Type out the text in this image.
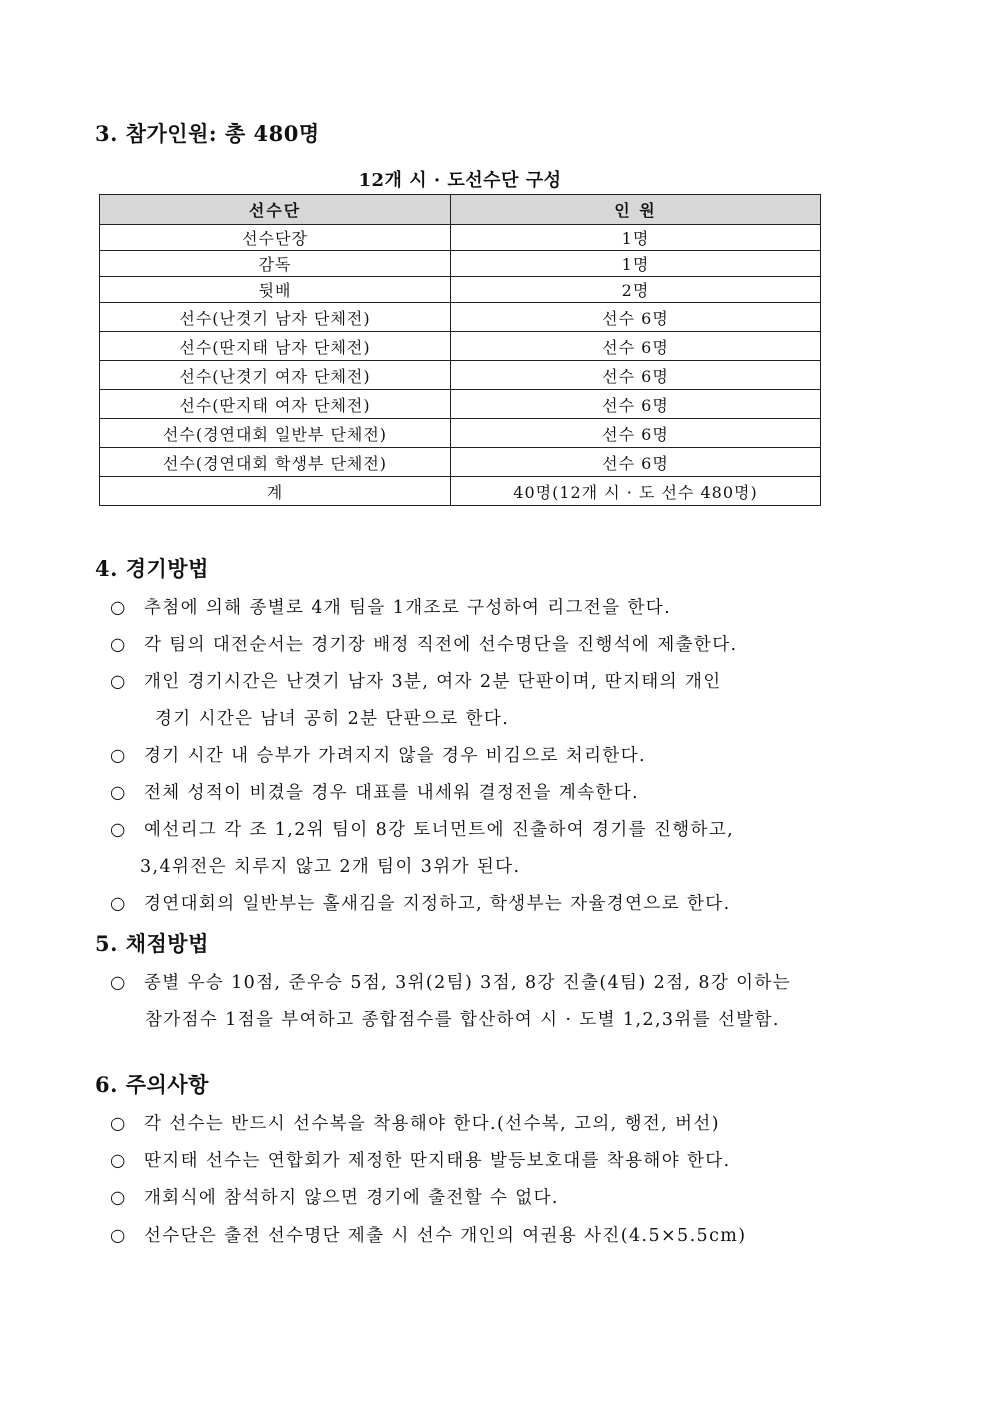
3. 참가인원: 총 480명
12개 시 · 도선수단 구성
선수단	인 원
선수단장	1명
감독	1명
뒷배	2명
선수(난겻기 남자 단체전)	선수 6명
선수(딴지태 남자 단체전)	선수 6명
선수(난겻기 여자 단체전)	선수 6명
선수(딴지태 여자 단체전)	선수 6명
선수(경연대회 일반부 단체전)	선수 6명
선수(경연대회 학생부 단체전)	선수 6명
계	40명(12개 시 · 도 선수 480명)
4. 경기방법
○ 추첨에 의해 종별로 4개 팀을 1개조로 구성하여 리그전을 한다.
○ 각 팀의 대전순서는 경기장 배정 직전에 선수명단을 진행석에 제출한다.
○ 개인 경기시간은 난겻기 남자 3분, 여자 2분 단판이며, 딴지태의 개인
경기 시간은 남녀 공히 2분 단판으로 한다.
○ 경기 시간 내 승부가 가려지지 않을 경우 비김으로 처리한다.
○ 전체 성적이 비겼을 경우 대표를 내세워 결정전을 계속한다.
○ 예선리그 각 조 1,2위 팀이 8강 토너먼트에 진출하여 경기를 진행하고,
3,4위전은 치루지 않고 2개 팀이 3위가 된다.
○ 경연대회의 일반부는 홀새김을 지정하고, 학생부는 자율경연으로 한다.
5. 채점방법
○ 종별 우승 10점, 준우승 5점, 3위(2팀) 3점, 8강 진출(4팀) 2점, 8강 이하는
참가점수 1점을 부여하고 종합점수를 합산하여 시 · 도별 1,2,3위를 선발함.
6. 주의사항
○ 각 선수는 반드시 선수복을 착용해야 한다.(선수복, 고의, 행전, 버선)
○ 딴지태 선수는 연합회가 제정한 딴지태용 발등보호대를 착용해야 한다.
○ 개회식에 참석하지 않으면 경기에 출전할 수 없다.
○ 선수단은 출전 선수명단 제출 시 선수 개인의 여권용 사진(4.5×5.5cm)
